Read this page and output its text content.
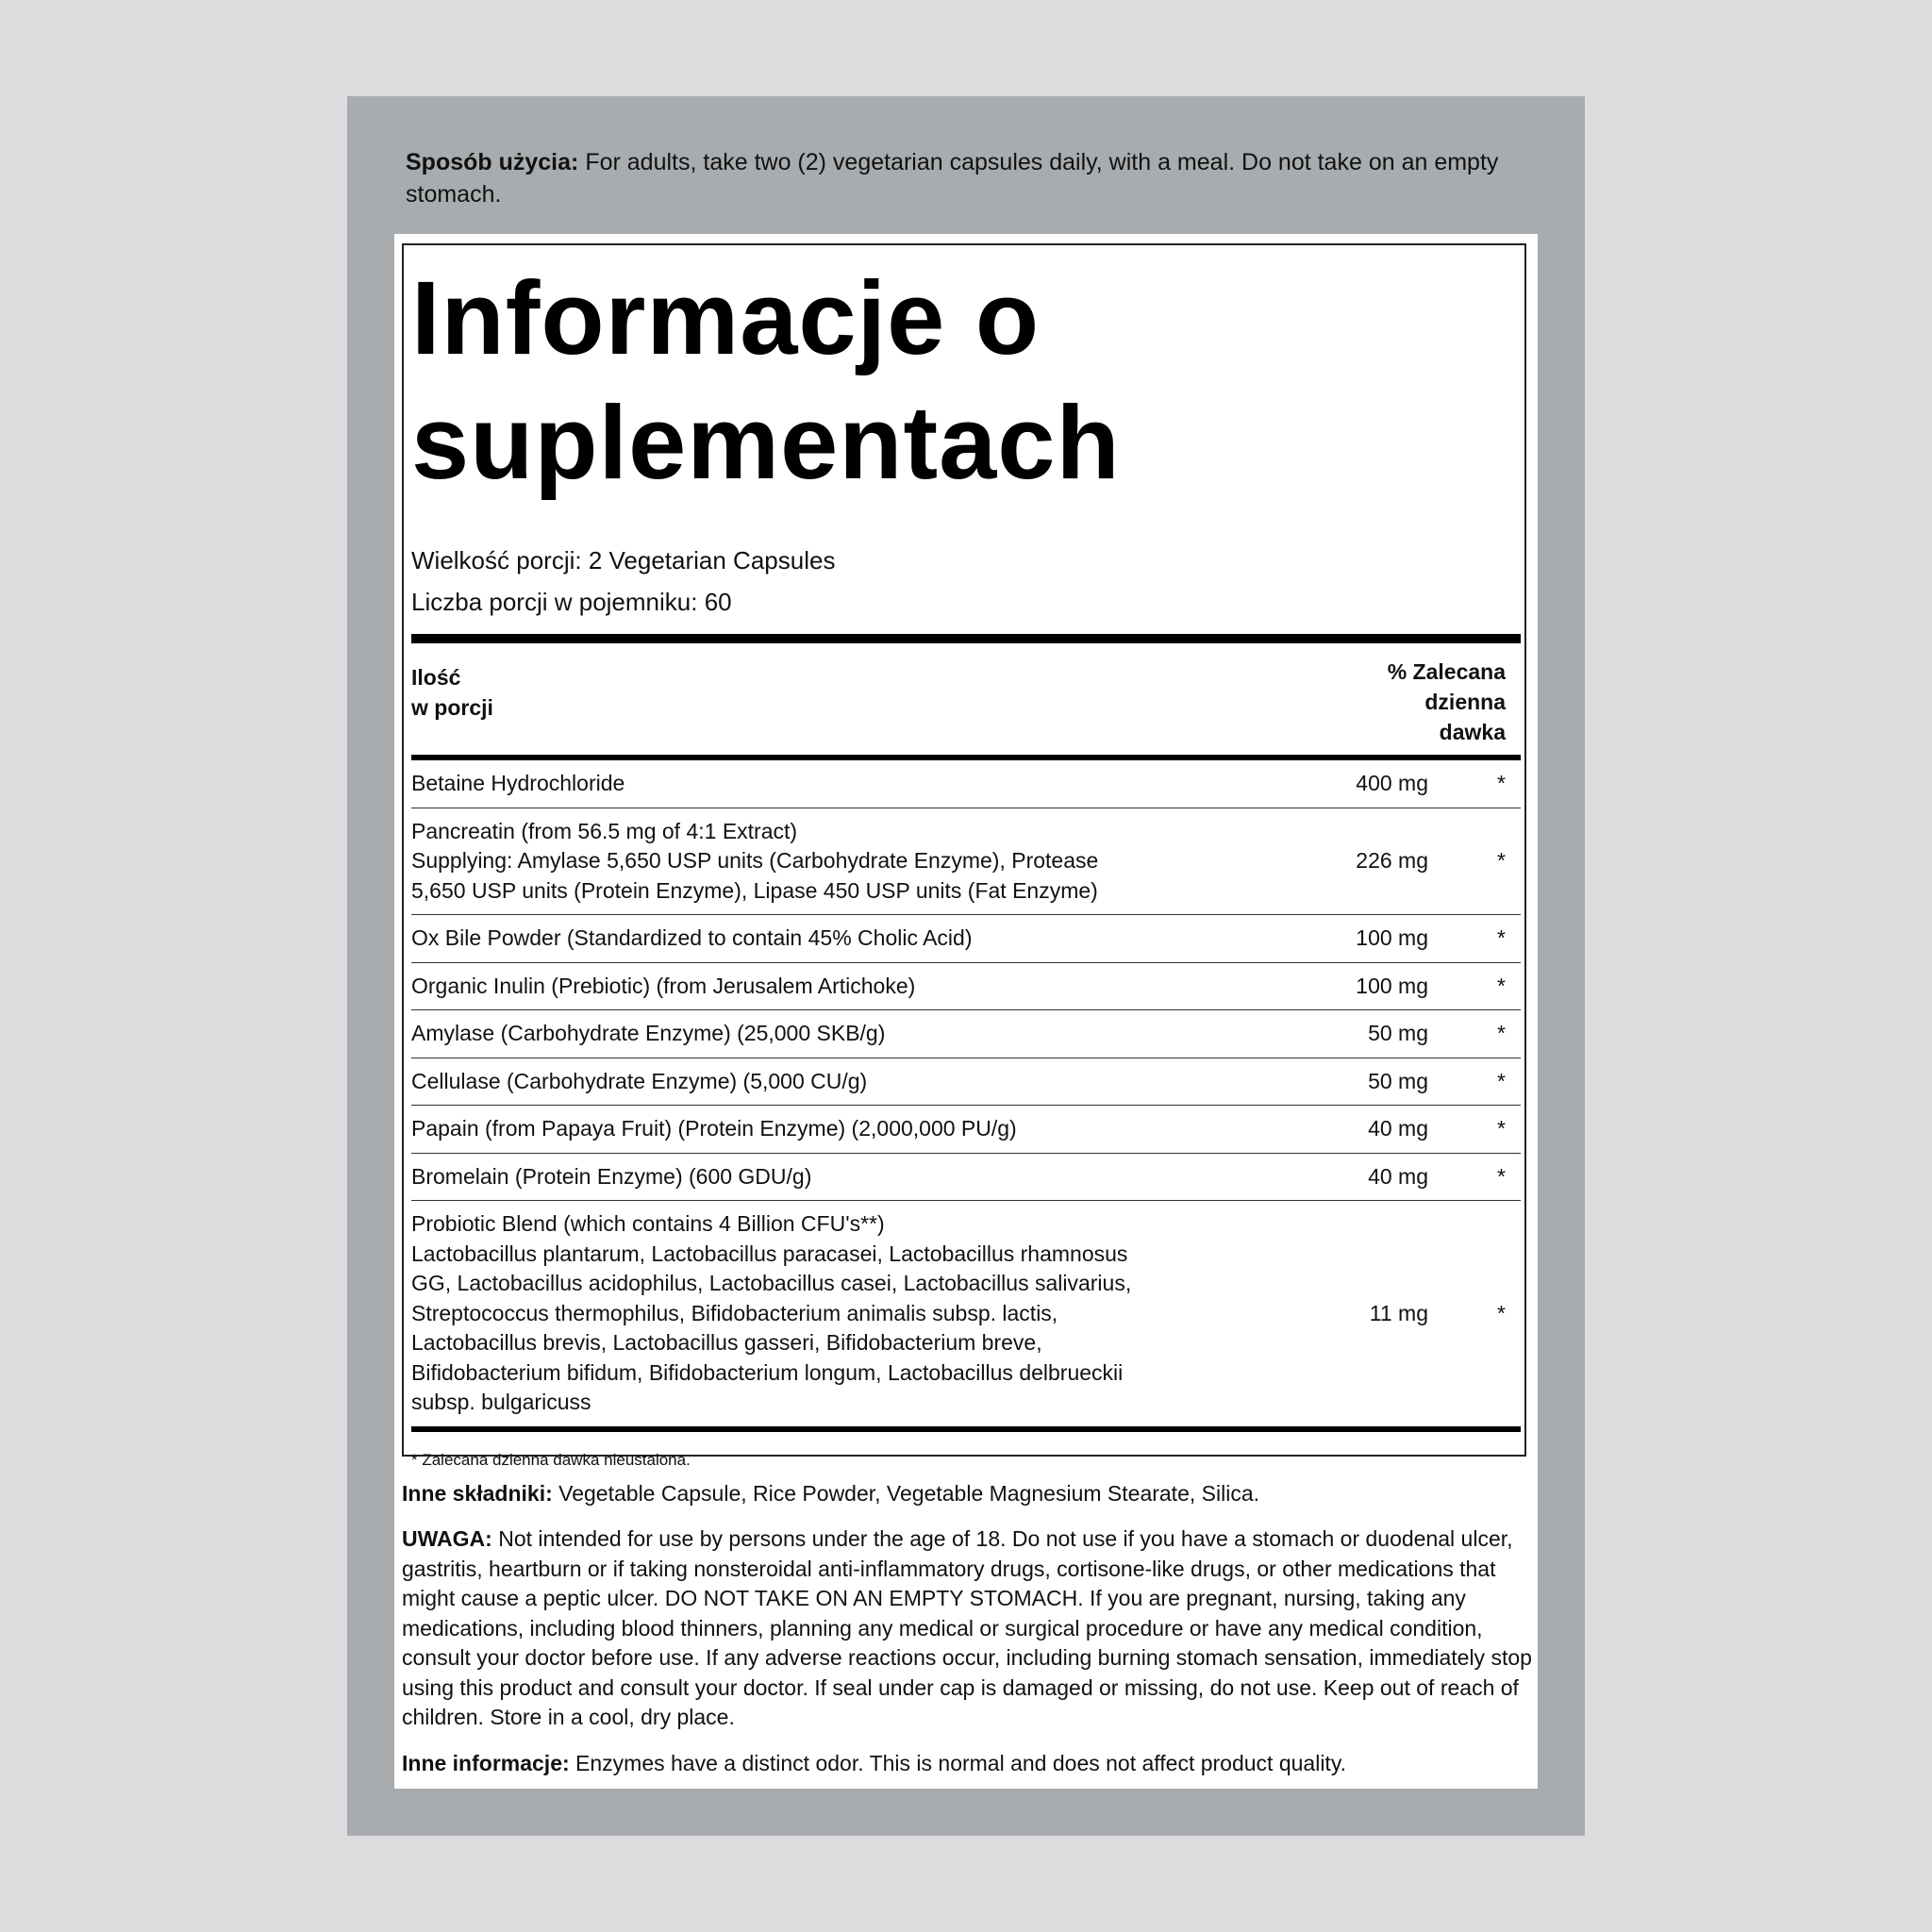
Sposób użycia: For adults, take two (2) vegetarian capsules daily, with a meal. Do not take on an empty stomach.
Informacje o
suplementach
Wielkość porcji: 2 Vegetarian Capsules
Liczba porcji w pojemniku: 60
Ilość
w porcji
% Zalecana
dzienna
dawka
Betaine Hydrochloride	400 mg	*
Pancreatin (from 56.5 mg of 4:1 Extract)
Supplying: Amylase 5,650 USP units (Carbohydrate Enzyme), Protease 5,650 USP units (Protein Enzyme), Lipase 450 USP units (Fat Enzyme)
226 mg	*
Ox Bile Powder (Standardized to contain 45% Cholic Acid)	100 mg	*
Organic Inulin (Prebiotic) (from Jerusalem Artichoke)	100 mg	*
Amylase (Carbohydrate Enzyme) (25,000 SKB/g)	50 mg	*
Cellulase (Carbohydrate Enzyme) (5,000 CU/g)	50 mg	*
Papain (from Papaya Fruit) (Protein Enzyme) (2,000,000 PU/g)	40 mg	*
Bromelain (Protein Enzyme) (600 GDU/g)	40 mg	*
Probiotic Blend (which contains 4 Billion CFU's**)
Lactobacillus plantarum, Lactobacillus paracasei, Lactobacillus rhamnosus GG, Lactobacillus acidophilus, Lactobacillus casei, Lactobacillus salivarius, Streptococcus thermophilus, Bifidobacterium animalis subsp. lactis, Lactobacillus brevis, Lactobacillus gasseri, Bifidobacterium breve, Bifidobacterium bifidum, Bifidobacterium longum, Lactobacillus delbrueckii subsp. bulgaricuss
11 mg	*
* Zalecana dzienna dawka nieustalona.
Inne składniki: Vegetable Capsule, Rice Powder, Vegetable Magnesium Stearate, Silica.
UWAGA: Not intended for use by persons under the age of 18. Do not use if you have a stomach or duodenal ulcer, gastritis, heartburn or if taking nonsteroidal anti-inflammatory drugs, cortisone-like drugs, or other medications that might cause a peptic ulcer. DO NOT TAKE ON AN EMPTY STOMACH. If you are pregnant, nursing, taking any medications, including blood thinners, planning any medical or surgical procedure or have any medical condition, consult your doctor before use. If any adverse reactions occur, including burning stomach sensation, immediately stop using this product and consult your doctor. If seal under cap is damaged or missing, do not use. Keep out of reach of children. Store in a cool, dry place.
Inne informacje: Enzymes have a distinct odor. This is normal and does not affect product quality.
